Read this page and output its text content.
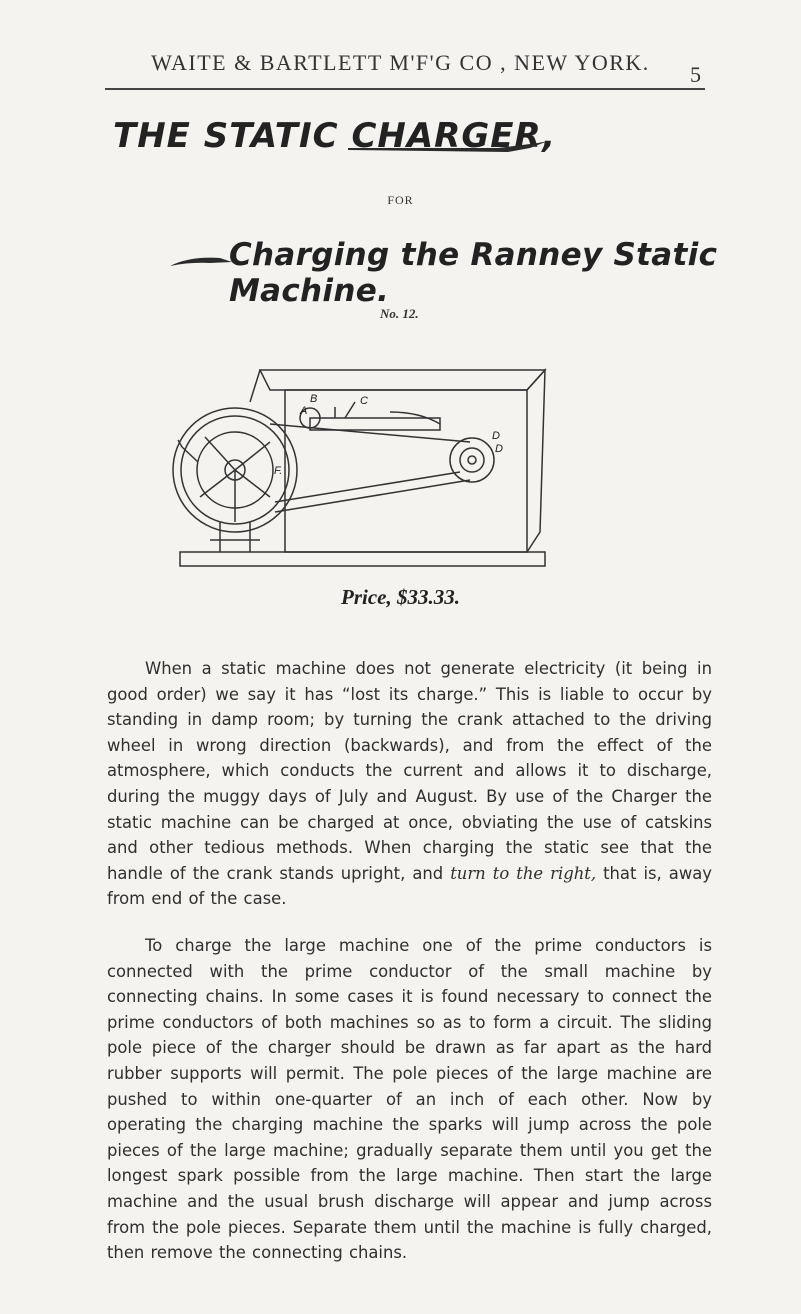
WAITE & BARTLETT M'F'G CO , NEW YORK.	5
THE STATIC CHARGER,
FOR
Charging the Ranney Static Machine.
No. 12.
A
B	C
D
D
F.
Price, $33.33.

When a static machine does not generate electricity (it being in good order) we say it has “lost its charge.” This is liable to occur by standing in damp room; by turning the crank attached to the driving wheel in wrong direction (backwards), and from the effect of the atmosphere, which conducts the current and allows it to discharge, during the muggy days of July and August. By use of the Charger the static machine can be charged at once, obviating the use of catskins and other tedious methods. When charging the static see that the handle of the crank stands upright, and turn to the right, that is, away from end of the case.

To charge the large machine one of the prime conductors is connected with the prime conductor of the small machine by connecting chains. In some cases it is found necessary to connect the prime conductors of both machines so as to form a circuit. The sliding pole piece of the charger should be drawn as far apart as the hard rubber supports will permit. The pole pieces of the large machine are pushed to within one-quarter of an inch of each other. Now by operating the charging machine the sparks will jump across the pole pieces of the large machine; gradually separate them until you get the longest spark possible from the large machine. Then start the large machine and the usual brush discharge will appear and jump across from the pole pieces. Separate them until the machine is fully charged, then remove the connecting chains.
